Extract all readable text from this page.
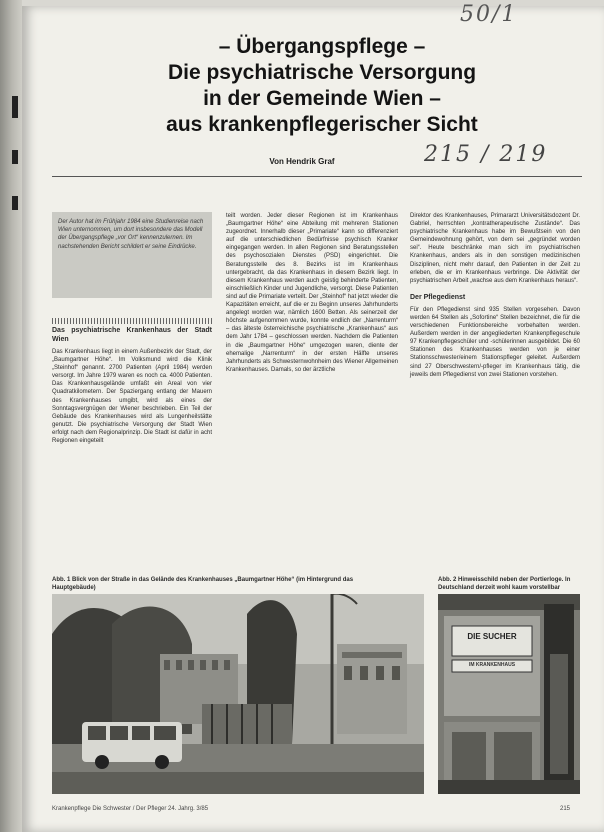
50/1
– Übergangspflege –
Die psychiatrische Versorgung
in der Gemeinde Wien –
aus krankenpflegerischer Sicht
Von Hendrik Graf	215 / 219
Der Autor hat im Frühjahr 1984 eine Studienreise nach Wien unternommen, um dort insbesondere das Modell der Übergangspflege „vor Ort“ kennenzulernen. Im nachstehenden Bericht schildert er seine Eindrücke.

Das psychiatrische Krankenhaus der Stadt Wien

Das Krankenhaus liegt in einem Außenbezirk der Stadt, der „Baumgartner Höhe“. Im Volksmund wird die Klinik „Steinhof“ genannt. 2700 Patienten (April 1984) werden versorgt. Im Jahre 1979 waren es noch ca. 4000 Patienten. Das Krankenhausgelände umfaßt ein Areal von vier Quadratkilometern. Der Spaziergang entlang der Mauern des Krankenhauses umgibt, wird als eines der Sonntagsvergnügen der Wiener beschrieben. Ein Teil der Gebäude des Krankenhauses wird als Lungenheilstätte genutzt. Die psychiatrische Versorgung der Stadt Wien erfolgt nach dem Regionalprinzip. Die Stadt ist dafür in acht Regionen eingeteilt

teilt worden. Jeder dieser Regionen ist im Krankenhaus „Baumgartner Höhe“ eine Abteilung mit mehreren Stationen zugeordnet. Innerhalb dieser „Primariate“ kann so differenziert auf die unterschiedlichen Bedürfnisse psychisch Kranker eingegangen werden. In allen Regionen sind Beratungsstellen des psychosozialen Dienstes (PSD) eingerichtet. Die Beratungsstelle des 8. Bezirks ist im Krankenhaus untergebracht, da das Krankenhaus in diesem Bezirk liegt. In diesem Krankenhaus werden auch geistig behinderte Patienten, einschließlich Kinder und Jugendliche, versorgt. Diese Patienten sind auf die Primariate verteilt. Der „Steinhof“ hat jetzt wieder die Kapazitäten erreicht, auf die er zu Beginn unseres Jahrhunderts angelegt worden war, nämlich 1600 Betten. Als seinerzeit der höchste aufgenommen wurde, konnte endlich der „Narrenturm“ – das älteste österreichische psychiatrische „Krankenhaus“ aus dem Jahr 1784 – geschlossen werden. Nachdem die Patienten in die „Baumgartner Höhe“ umgezogen waren, diente der ehemalige „Narrenturm“ in der ersten Hälfte unseres Jahrhunderts als Schwesternwohnheim des Wiener Allgemeinen Krankenhauses. Damals, so der ärztliche

Direktor des Krankenhauses, Primararzt Universitätsdozent Dr. Gabriel, herrschten „kontratherapeutische Zustände“. Das psychiatrische Krankenhaus habe im Bewußtsein von den Gemeindewohnung gehört, von dem sei „gegründet worden sei“. Heute beschränke man sich im psychiatrischen Krankenhaus, anders als in den sonstigen medizinischen Disziplinen, nicht mehr darauf, den Patienten in der Zeit zu erleben, die er im Krankenhaus verbringe. Die Aktivität der psychiatrischen Arbeit „wachse aus dem Krankenhaus heraus“.

Der Pflegedienst

Für den Pflegedienst sind 935 Stellen vorgesehen. Davon werden 64 Stellen als „Sofortine“ Stellen bezeichnet, die für die verschiedenen Funktionsbereiche vorbehalten werden. Außerdem werden in der angegliederten Krankenpflegeschule 97 Krankenpflegeschüler und -schülerinnen ausgebildet. Die 60 Stationen des Krankenhauses werden von je einer Stationsschwester/einem Stationspfleger geleitet. Außerdem sind 27 Oberschwestern/-pfleger im Krankenhaus tätig, die jeweils dem Pflegedienst von zwei Stationen vorstehen.

Abb. 1 Blick von der Straße in das Gelände des Krankenhauses „Baumgartner Höhe“ (im Hintergrund das Hauptgebäude)
Abb. 2 Hinweisschild neben der Portierloge. In Deutschland derzeit wohl kaum vorstellbar
DIE SUCHER
IM KRANKENHAUS
Krankenpflege Die Schwester / Der Pfleger 24. Jahrg. 3/85	215
